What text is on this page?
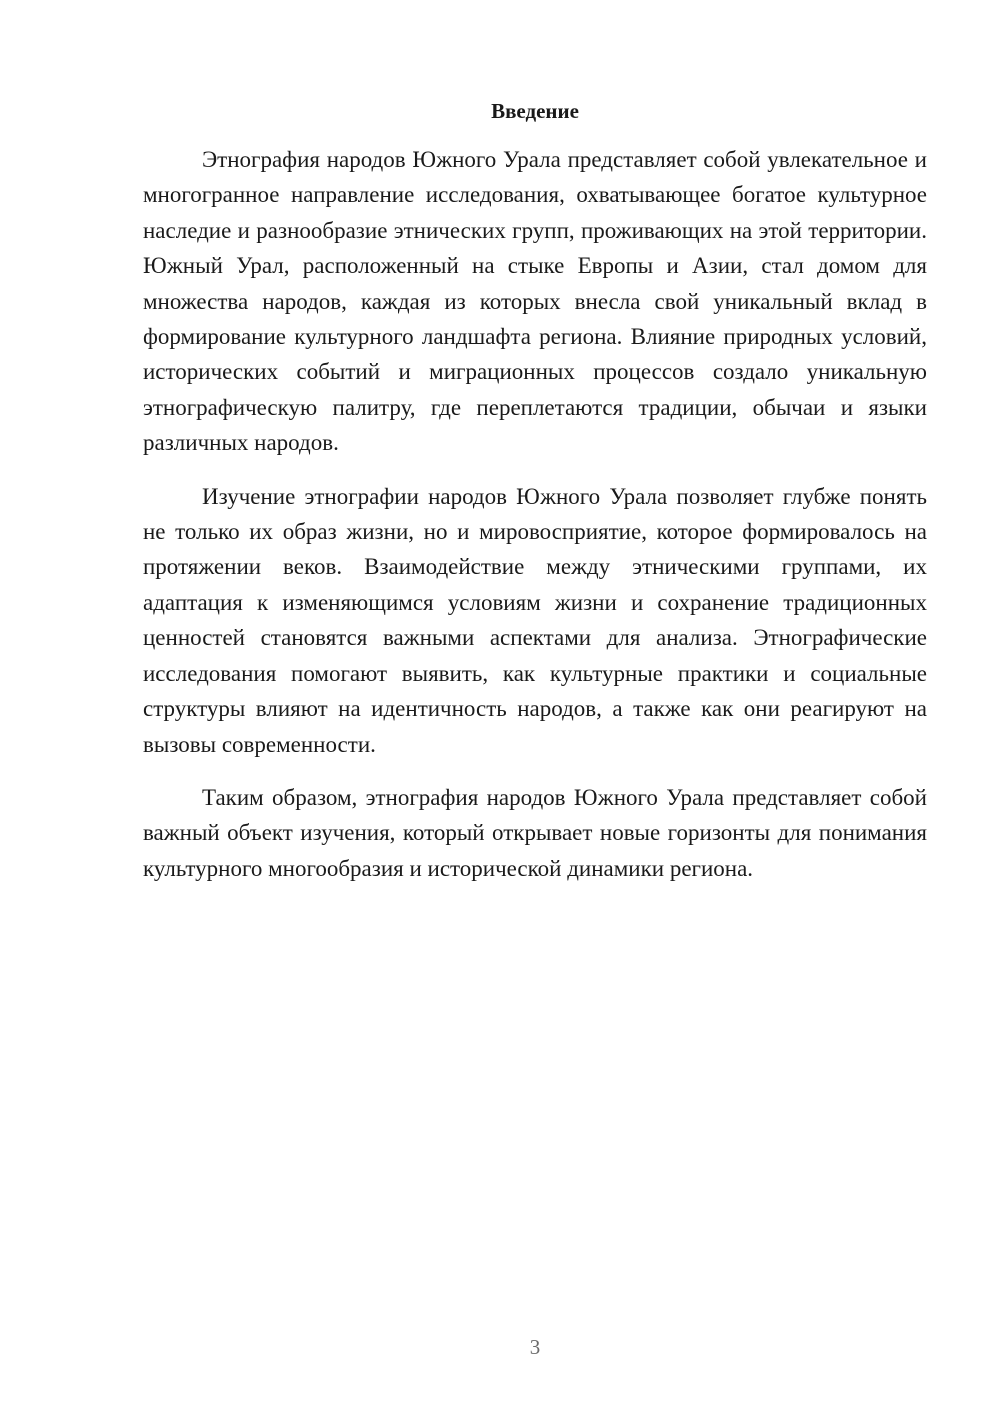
Введение

Этнография народов Южного Урала представляет собой увлекательное и многогранное направление исследования, охватывающее богатое культурное наследие и разнообразие этнических групп, проживающих на этой территории. Южный Урал, расположенный на стыке Европы и Азии, стал домом для множества народов, каждая из которых внесла свой уникальный вклад в формирование культурного ландшафта региона. Влияние природных условий, исторических событий и миграционных процессов создало уникальную этнографическую палитру, где переплетаются традиции, обычаи и языки различных народов.

Изучение этнографии народов Южного Урала позволяет глубже понять не только их образ жизни, но и мировосприятие, которое формировалось на протяжении веков. Взаимодействие между этническими группами, их адаптация к изменяющимся условиям жизни и сохранение традиционных ценностей становятся важными аспектами для анализа. Этнографические исследования помогают выявить, как культурные практики и социальные структуры влияют на идентичность народов, а также как они реагируют на вызовы современности.

Таким образом, этнография народов Южного Урала представляет собой важный объект изучения, который открывает новые горизонты для понимания культурного многообразия и исторической динамики региона.

3
